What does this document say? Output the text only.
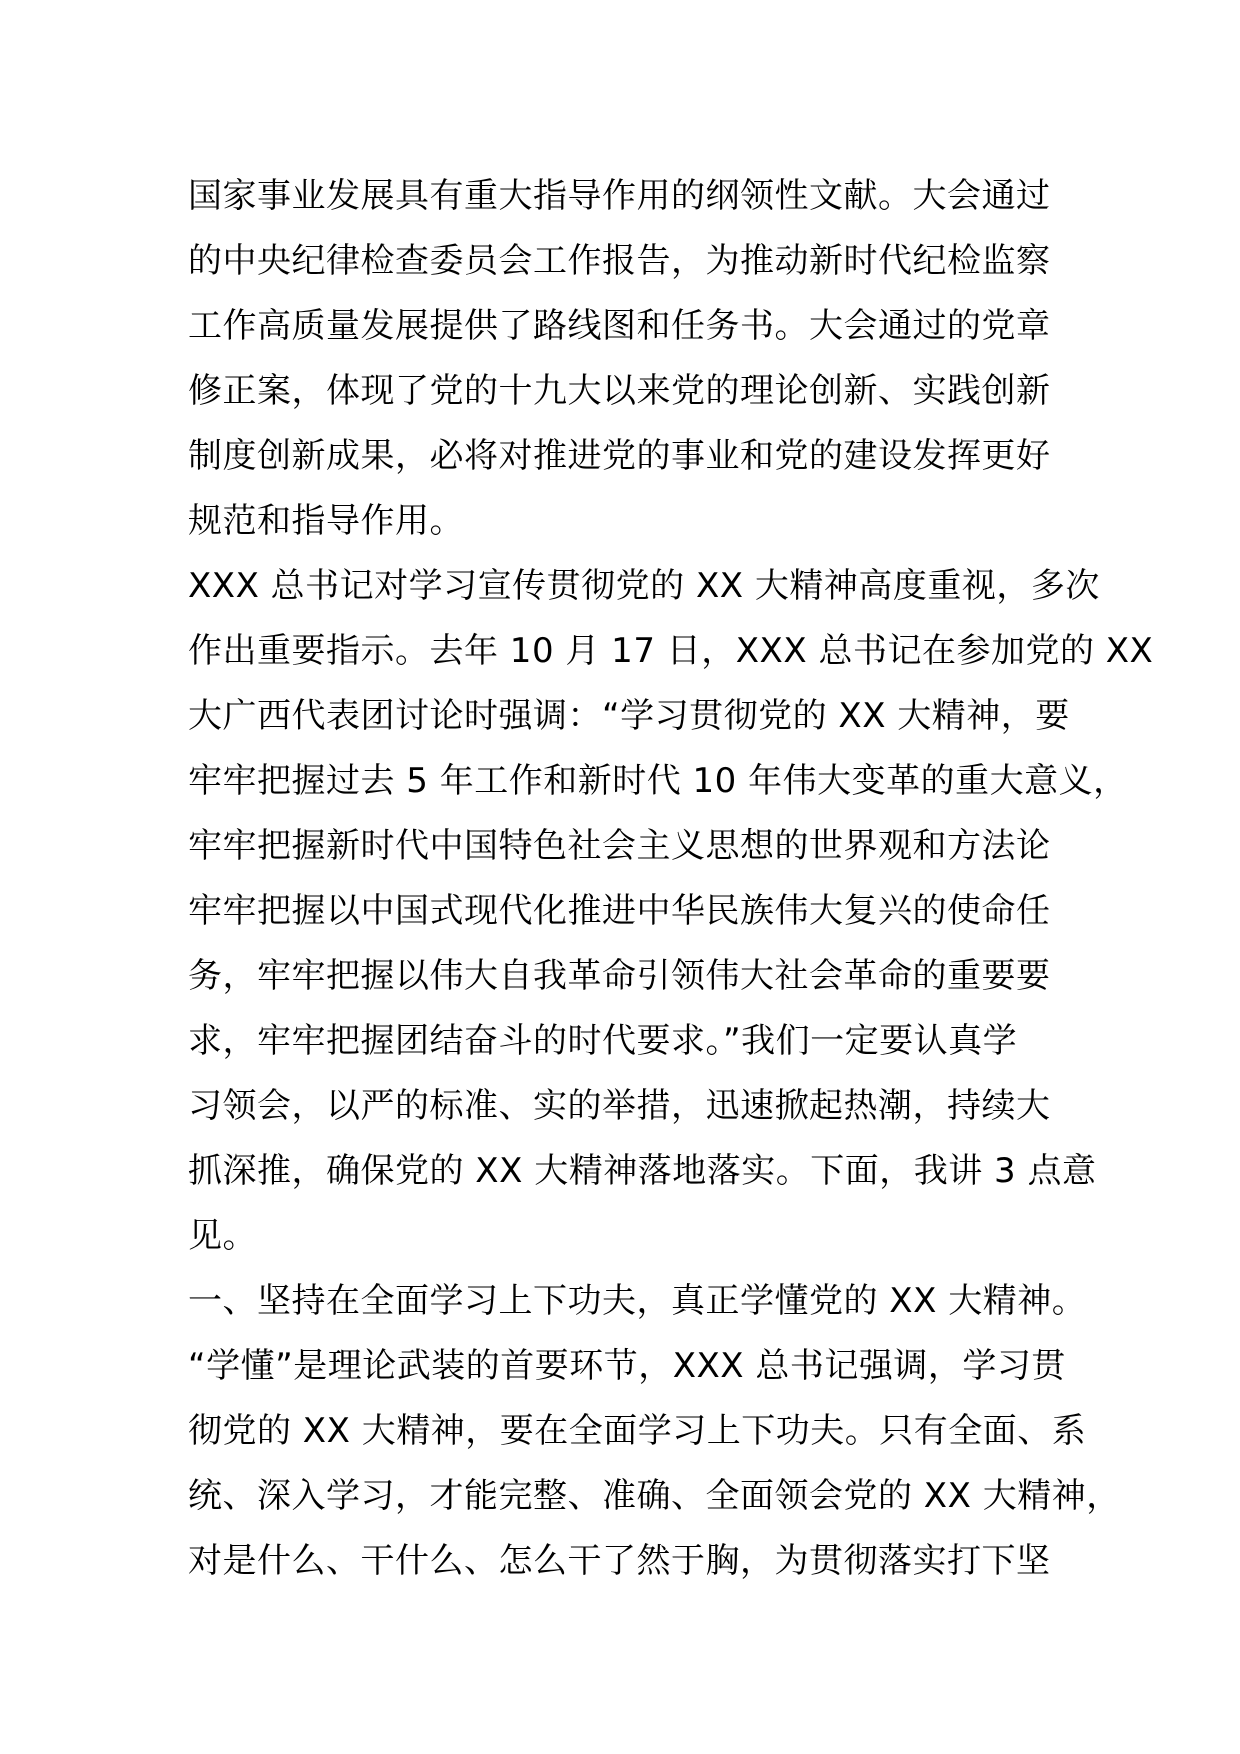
国家事业发展具有重大指导作用的纲领性文献。大会通过
的中央纪律检查委员会工作报告，为推动新时代纪检监察
工作高质量发展提供了路线图和任务书。大会通过的党章
修正案，体现了党的十九大以来党的理论创新、实践创新
制度创新成果，必将对推进党的事业和党的建设发挥更好
规范和指导作用。
XXX 总书记对学习宣传贯彻党的 XX 大精神高度重视，多次
作出重要指示。去年 10 月 17 日，XXX 总书记在参加党的 XX
大广西代表团讨论时强调：“学习贯彻党的 XX 大精神，要
牢牢把握过去 5 年工作和新时代 10 年伟大变革的重大意义，
牢牢把握新时代中国特色社会主义思想的世界观和方法论
牢牢把握以中国式现代化推进中华民族伟大复兴的使命任
务，牢牢把握以伟大自我革命引领伟大社会革命的重要要
求，牢牢把握团结奋斗的时代要求。”我们一定要认真学
习领会，以严的标准、实的举措，迅速掀起热潮，持续大
抓深推，确保党的 XX 大精神落地落实。下面，我讲 3 点意
见。
一、坚持在全面学习上下功夫，真正学懂党的 XX 大精神。
“学懂”是理论武装的首要环节，XXX 总书记强调，学习贯
彻党的 XX 大精神，要在全面学习上下功夫。只有全面、系
统、深入学习，才能完整、准确、全面领会党的 XX 大精神，
对是什么、干什么、怎么干了然于胸，为贯彻落实打下坚
